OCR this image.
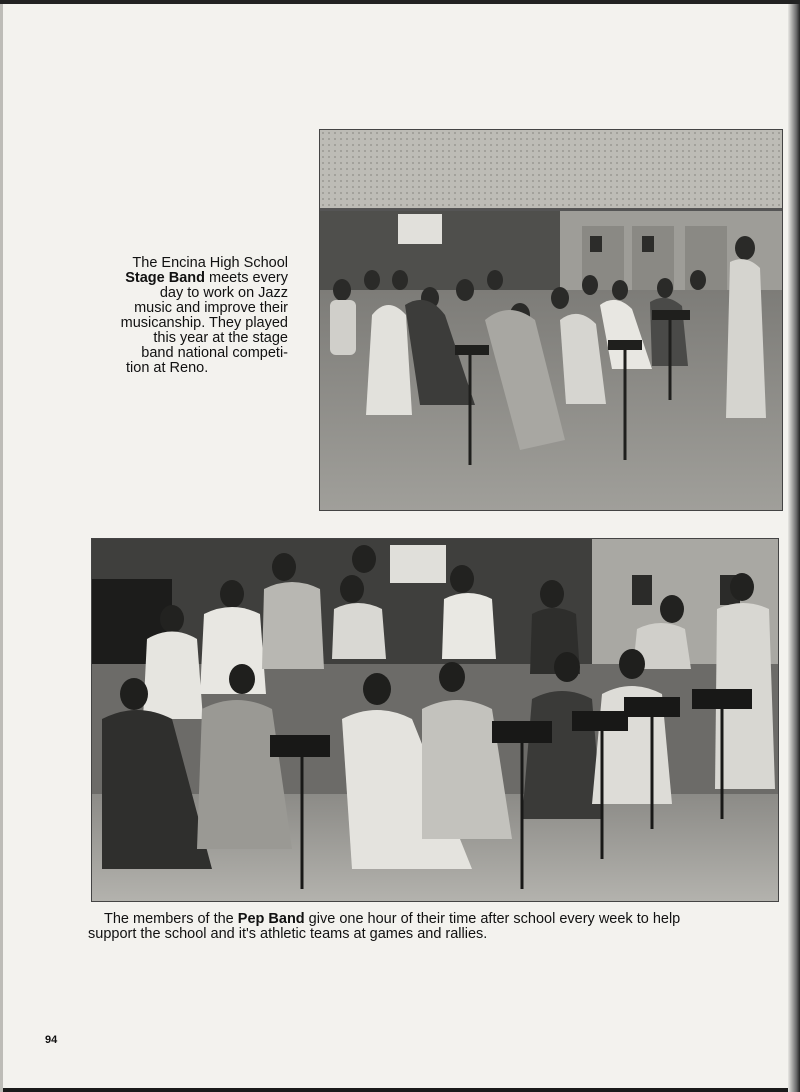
The Encina High School
Stage Band meets every
day to work on Jazz
music and improve their
musicanship. They played
this year at the stage
band national competi-
tion at Reno.
The members of the Pep Band give one hour of their time after school every week to help
support the school and it's athletic teams at games and rallies.
94
